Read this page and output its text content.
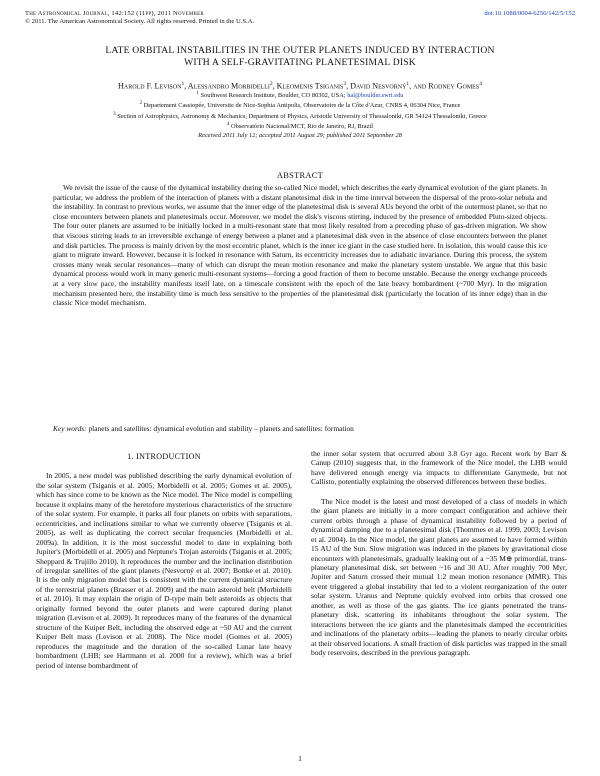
The Astronomical Journal, 142:152 (11pp), 2011 November
© 2011. The American Astronomical Society. All rights reserved. Printed in the U.S.A.
doi:10.1088/0004-6256/142/5/152
LATE ORBITAL INSTABILITIES IN THE OUTER PLANETS INDUCED BY INTERACTION
WITH A SELF-GRAVITATING PLANETESIMAL DISK
Harold F. Levison$^1$, Alessandro Morbidelli$^2$, Kleomenis Tsiganis$^3$, David Nesvorný$^1$, and Rodney Gomes$^4$
$^1$ Southwest Research Institute, Boulder, CO 80302, USA; hal@boulder.swri.edu
$^2$ Departement Cassiopée, Universite de Nice-Sophia Antipolis, Observatoire de la Côte d'Azur, CNRS 4, 06304 Nice, France
$^3$ Section of Astrophysics, Astronomy & Mechanics, Department of Physics, Aristotle University of Thessaloniki, GR 54124 Thessaloniki, Greece
$^4$ Observatório Nacional/MCT, Rio de Janeiro, RJ, Brazil
Received 2011 July 12; accepted 2011 August 29; published 2011 September 28
ABSTRACT
We revisit the issue of the cause of the dynamical instability during the so-called Nice model, which describes the early dynamical evolution of the giant planets. In particular, we address the problem of the interaction of planets with a distant planetesimal disk in the time interval between the dispersal of the proto-solar nebula and the instability. In contrast to previous works, we assume that the inner edge of the planetesimal disk is several AUs beyond the orbit of the outermost planet, so that no close encounters between planets and planetesimals occur. Moreover, we model the disk's viscous stirring, induced by the presence of embedded Pluto-sized objects. The four outer planets are assumed to be initially locked in a multi-resonant state that most likely resulted from a preceding phase of gas-driven migration. We show that viscous stirring leads to an irreversible exchange of energy between a planet and a planetesimal disk even in the absence of close encounters between the planet and disk particles. The process is mainly driven by the most eccentric planet, which is the inner ice giant in the case studied here. In isolation, this would cause this ice giant to migrate inward. However, because it is locked in resonance with Saturn, its eccentricity increases due to adiabatic invariance. During this process, the system crosses many weak secular resonances—many of which can disrupt the mean motion resonance and make the planetary system unstable. We argue that this basic dynamical process would work in many generic multi-resonant systems—forcing a good fraction of them to become unstable. Because the energy exchange proceeds at a very slow pace, the instability manifests itself late, on a timescale consistent with the epoch of the late heavy bombardment (~700 Myr). In the migration mechanism presented here, the instability time is much less sensitive to the properties of the planetesimal disk (particularly the location of its inner edge) than in the classic Nice model mechanism.
Key words: planets and satellites: dynamical evolution and stability – planets and satellites: formation
1. INTRODUCTION

In 2005, a new model was published describing the early dynamical evolution of the solar system (Tsiganis et al. 2005; Morbidelli et al. 2005; Gomes et al. 2005), which has since come to be known as the Nice model. The Nice model is compelling because it explains many of the heretofore mysterious characteristics of the structure of the solar system. For example, it parks all four planets on orbits with separations, eccentricities, and inclinations similar to what we currently observe (Tsiganis et al. 2005), as well as duplicating the correct secular frequencies (Morbidelli et al. 2009a). In addition, it is the most successful model to date in explaining both Jupiter's (Morbidelli et al. 2005) and Neptune's Trojan asteroids (Tsiganis et al. 2005; Sheppard & Trujillo 2010). It reproduces the number and the inclination distribution of irregular satellites of the giant planets (Nesvorný et al. 2007; Bottke et al. 2010). It is the only migration model that is consistent with the current dynamical structure of the terrestrial planets (Brasser et al. 2009) and the main asteroid belt (Morbidelli et al. 2010). It may explain the origin of D-type main belt asteroids as objects that originally formed beyond the outer planets and were captured during planet migration (Levison et al. 2009). It reproduces many of the features of the dynamical structure of the Kuiper Belt, including the observed edge at ~50 AU and the current Kuiper Belt mass (Levison et al. 2008). The Nice model (Gomes et al. 2005) reproduces the magnitude and the duration of the so-called Lunar late heavy bombardment (LHB; see Hartmann et al. 2000 for a review), which was a brief period of intense bombardment of

the inner solar system that occurred about 3.8 Gyr ago. Recent work by Barr & Canup (2010) suggests that, in the framework of the Nice model, the LHB would have delivered enough energy via impacts to differentiate Ganymede, but not Callisto, potentially explaining the observed differences between these bodies.

The Nice model is the latest and most developed of a class of models in which the giant planets are initially in a more compact configuration and achieve their current orbits through a phase of dynamical instability followed by a period of dynamical damping due to a planetesimal disk (Thommes et al. 1999, 2003; Levison et al. 2004). In the Nice model, the giant planets are assumed to have formed within 15 AU of the Sun. Slow migration was induced in the planets by gravitational close encounters with planetesimals, gradually leaking out of a ~35 M⊕ primordial, trans-planetary planetesimal disk, set between ~16 and 30 AU. After roughly 700 Myr, Jupiter and Saturn crossed their mutual 1:2 mean motion resonance (MMR). This event triggered a global instability that led to a violent reorganization of the outer solar system. Uranus and Neptune quickly evolved into orbits that crossed one another, as well as those of the gas giants. The ice giants penetrated the trans-planetary disk, scattering its inhabitants throughout the solar system. The interactions between the ice giants and the planetesimals damped the eccentricities and inclinations of the planetary orbits—leading the planets to nearly circular orbits at their observed locations. A small fraction of disk particles was trapped in the small body reservoirs, described in the previous paragraph.

1
